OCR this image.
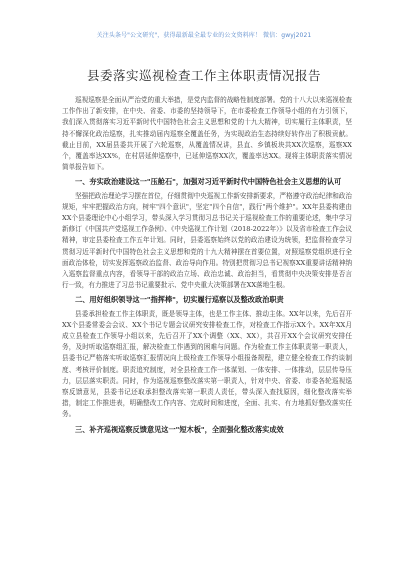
关注头条号"公文研究"，获得最新最全最专业的公文资料库！ 微信：gwyj2021
县委落实巡视检查工作主体职责情况报告

巡视巡察是全面从严治党的重大举措，是党内监督的战略性制度部署。党的十八大以来巡视检查工作作出了新安排，在中央、省委、市委的坚持领导下，在市委检查工作领导小组的有力引领下，我们深入贯彻落实习近平新时代中国特色社会主义思想和党的十九大精神，切实履行主体职责，坚持不懈深化政治巡察，扎实推动届内巡察全覆盖任务，为实现政治生态持续好转作出了积极贡献。截止目前，XX届县委共开展了六轮巡察，从覆盖情况讲，县直、乡镇板块共XX次巡察，巡察XX个，覆盖率达XX%，在村居延伸巡察中，已延伸巡察XX次，覆盖率达XX。现将主体职责落实情况简单报告如下。

一、夯实政治建设这一"压舱石"，加强对习近平新时代中国特色社会主义思想的认可

坚强把政治理论学习摆在首位，仔细贯彻中央巡视工作新安排新要求，严格遵守政治纪律和政治规矩，牢牢把握政治方向，树牢"四个意识"，坚定"四个自信"，践行"两个维护"。XX年县委构建由XX个县委理论中心小组学习，带头深入学习贯彻习总书记关于巡视检查工作的重要论述，集中学习新修订《中国共产党巡视工作条例》、《中央巡视工作计划（2018-2022年）》以及省市检查工作会议精神，审定县委检查工作五年计划。同时，县委巡察始终以党的政治建设为统领，把监督检查学习贯彻习近平新时代中国特色社会主义思想和党的十九大精神摆在首要位置，对照巡察党组织进行全面政治体检，切实发挥巡察政治监督、政治导向作用。特别把贯彻习总书记视察XX重要讲话精神纳入巡察监督重点内容，看领导干部的政治立场、政治忠诚、政治担当，看贯彻中央决策安排是否言行一致，有力推进了习总书记重要批示、党中央重大决策部署在XX落地生根。

二、用好组织领导这一"指挥棒"，切实履行巡察以及整改政治职责

县委承担检查工作主体职责，既是领导主体，也是工作主体、推动主体。XX年以来，先后召开XX个县委常委会会议、XX个书记专题会议研究安排检查工作，对检查工作指示XX个。XX年XX月成立县检查工作领导小组以来，先后召开了XX个调整（XX、XX），共召开XX个会议研究安排任务，及时听取巡察组汇报，解决检查工作遇到的困难与问题。作为检查工作主体职责第一职责人，县委书记严格落实听取巡察汇报情况向上级检查工作领导小组报备规程，建立健全检查工作约谈制度、考核评价制度。职责追究制度，对全县检查工作一体谋划、一体安排、一体推动，层层传导压力，层层落实职责。同时，作为巡视巡察整改落实第一职责人，针对中央、省委、市委各轮巡视巡察反馈意见，县委书记还取承担整改落实第一职责人责任，带头深入查找原因，细化整改落实举措，制定工作推进表，明确整改工作内容、完成时间和进度，全面、扎实、有力地抓好整改落实任务。

三、补齐巡视巡察反馈意见这一"短木板"，全面强化整改落实成效
